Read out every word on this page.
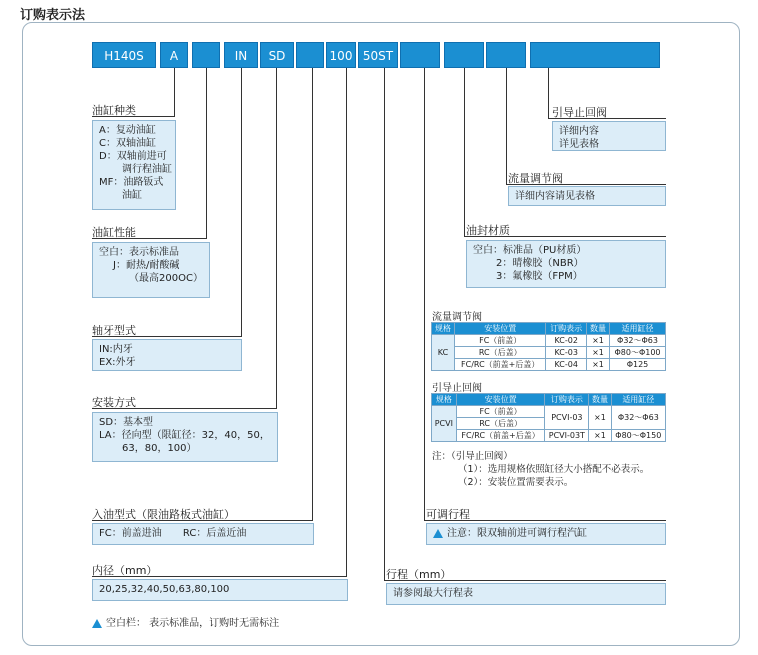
订购表示法
H140S	A	IN	SD	100 50ST
油缸种类
A：复动油缸
C：双轴油缸
D：双轴前进可
调行程油缸
MF：油路钣式
油缸
油缸性能
空白：表示标准品
J：耐热/耐酸碱
（最高200OC）
轴牙型式
IN:内牙
EX:外牙
安装方式
SD：基本型
LA：径向型（限缸径：32，40，50，
63，80，100）
入油型式（限油路板式油缸）
FC：前盖进油 RC：后盖近油
内径（mm）
20,25,32,40,50,63,80,100
空白栏： 表示标准品，订购时无需标注
引导止回阀
详细内容
详见表格
流量调节阀
详细内容请见表格
油封材质
空白：标准品（PU材质）
2：晴橡胶（NBR）
3：氟橡胶（FPM）
流量调节阀
规格	安装位置	订购表示	数量	适用缸径
KC	FC（前盖）	KC-02	×1	Φ32～Φ63
	RC（后盖）	KC-03	×1	Φ80～Φ100
	FC/RC（前盖+后盖）	KC-04	×1	Φ125
引导止回阀
规格	安装位置	订购表示	数量	适用缸径
PCVI	FC（前盖）	PCVI-03	×1	Φ32～Φ63
	RC（后盖）			
	FC/RC（前盖+后盖）	PCVI-03T	×1	Φ80～Φ150
注：（引导止回阀）
（1）：选用规格依照缸径大小搭配不必表示。
（2）：安装位置需要表示。
可调行程
注意：限双轴前进可调行程汽缸
行程（mm）
请参阅最大行程表
